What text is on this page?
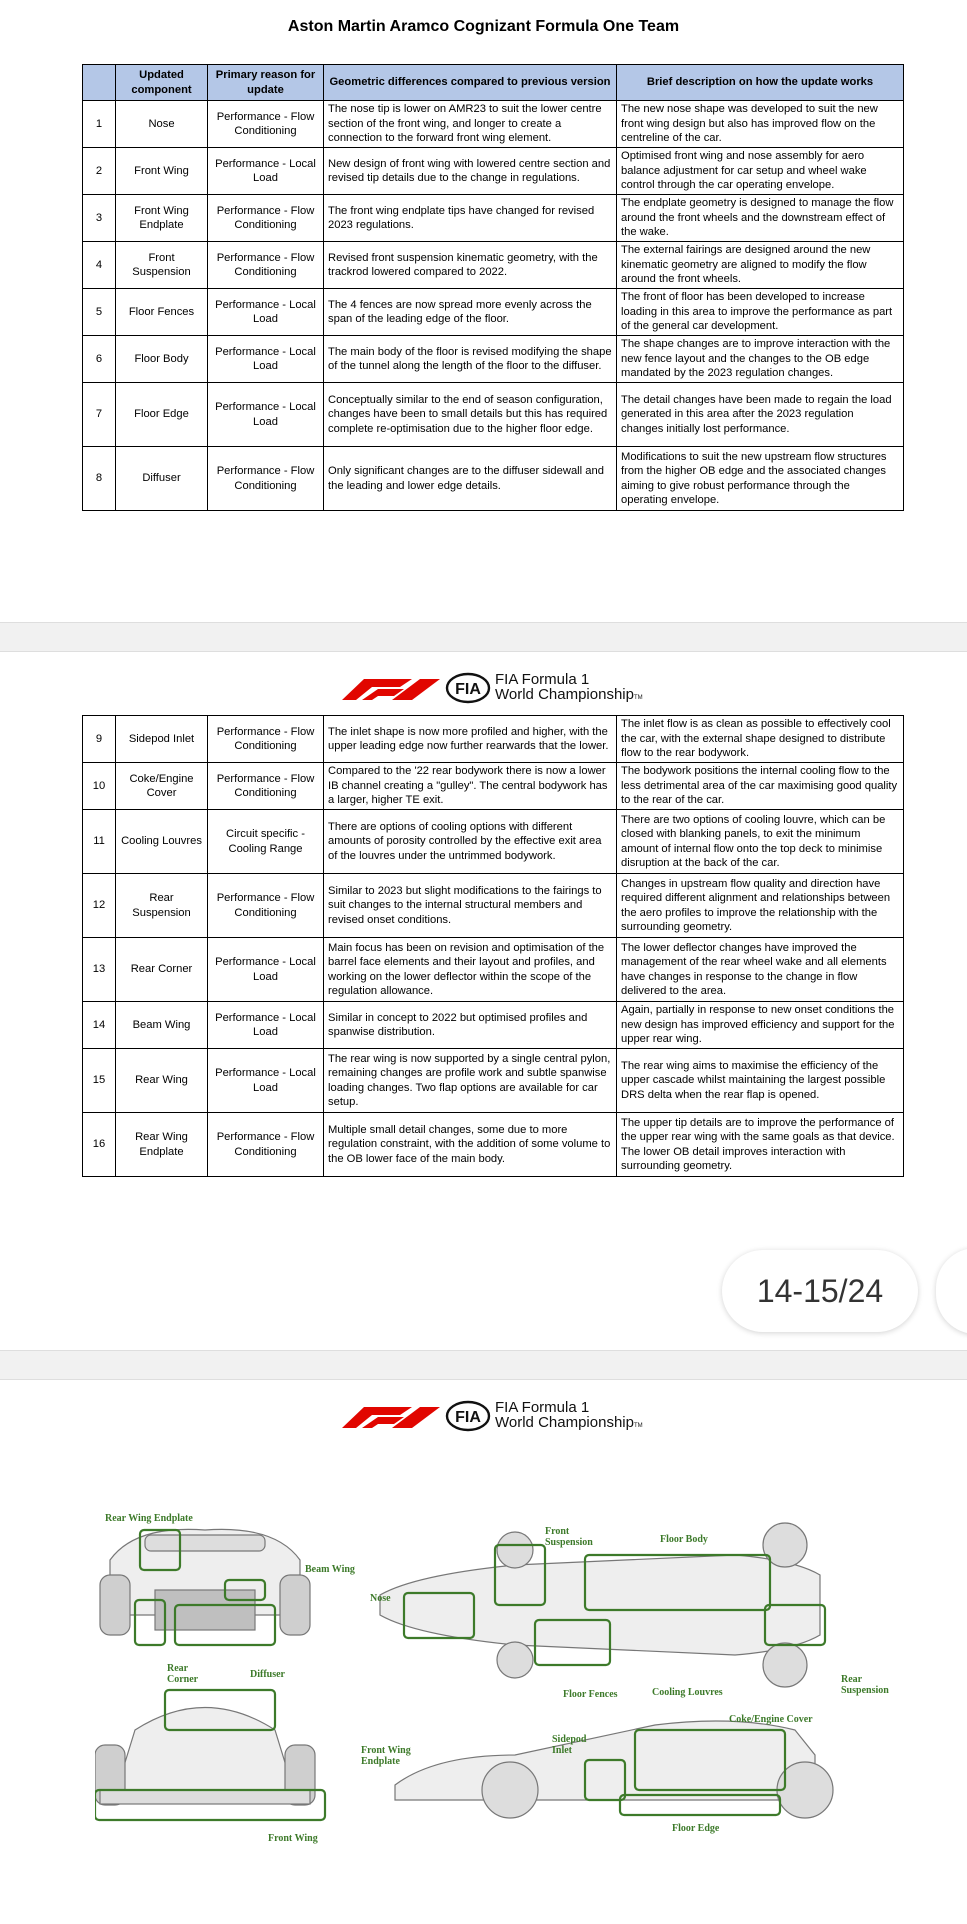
Aston Martin Aramco Cognizant Formula One Team
	Updated component	Primary reason for update	Geometric differences compared to previous version	Brief description on how the update works
1	Nose	Performance - Flow Conditioning	The nose tip is lower on AMR23 to suit the lower centre section of the front wing, and longer to create a connection to the forward front wing element.	The new nose shape was developed to suit the new front wing design but also has improved flow on the centreline of the car.
2	Front Wing	Performance - Local Load	New design of front wing with lowered centre section and revised tip details due to the change in regulations.	Optimised front wing and nose assembly for aero balance adjustment for car setup and wheel wake control through the car operating envelope.
3	Front Wing Endplate	Performance - Flow Conditioning	The front wing endplate tips have changed for revised 2023 regulations.	The endplate geometry is designed to manage the flow around the front wheels and the downstream effect of the wake.
4	Front Suspension	Performance - Flow Conditioning	Revised front suspension kinematic geometry, with the trackrod lowered compared to 2022.	The external fairings are designed around the new kinematic geometry are aligned to modify the flow around the front wheels.
5	Floor Fences	Performance - Local Load	The 4 fences are now spread more evenly across the span of the leading edge of the floor.	The front of floor has been developed to increase loading in this area to improve the performance as part of the general car development.
6	Floor Body	Performance - Local Load	The main body of the floor is revised modifying the shape of the tunnel along the length of the floor to the diffuser.	The shape changes are to improve interaction with the new fence layout and the changes to the OB edge mandated by the 2023 regulation changes.
7	Floor Edge	Performance - Local Load	Conceptually similar to the end of season configuration, changes have been to small details but this has required complete re-optimisation due to the higher floor edge.	The detail changes have been made to regain the load generated in this area after the 2023 regulation changes initially lost performance.
8	Diffuser	Performance - Flow Conditioning	Only significant changes are to the diffuser sidewall and the leading and lower edge details.	Modifications to suit the new upstream flow structures from the higher OB edge and the associated changes aiming to give robust performance through the operating envelope.
FIA
FIA Formula 1
World ChampionshipTM
9	Sidepod Inlet	Performance - Flow Conditioning	The inlet shape is now more profiled and higher, with the upper leading edge now further rearwards that the lower.	The inlet flow is as clean as possible to effectively cool the car, with the external shape designed to distribute flow to the rear bodywork.
10	Coke/Engine Cover	Performance - Flow Conditioning	Compared to the '22 rear bodywork there is now a lower IB channel creating a "gulley". The central bodywork has a larger, higher TE exit.	The bodywork positions the internal cooling flow to the less detrimental area of the car maximising good quality to the rear of the car.
11	Cooling Louvres	Circuit specific - Cooling Range	There are options of cooling options with different amounts of porosity controlled by the effective exit area of the louvres under the untrimmed bodywork.	There are two options of cooling louvre, which can be closed with blanking panels, to exit the minimum amount of internal flow onto the top deck to minimise disruption at the back of the car.
12	Rear Suspension	Performance - Flow Conditioning	Similar to 2023 but slight modifications to the fairings to suit changes to the internal structural members and revised onset conditions.	Changes in upstream flow quality and direction have required different alignment and relationships between the aero profiles to improve the relationship with the surrounding geometry.
13	Rear Corner	Performance - Local Load	Main focus has been on revision and optimisation of the barrel face elements and their layout and profiles, and working on the lower deflector within the scope of the regulation allowance.	The lower deflector changes have improved the management of the rear wheel wake and all elements have changes in response to the change in flow delivered to the area.
14	Beam Wing	Performance - Local Load	Similar in concept to 2022 but optimised profiles and spanwise distribution.	Again, partially in response to new onset conditions the new design has improved efficiency and support for the upper rear wing.
15	Rear Wing	Performance - Local Load	The rear wing is now supported by a single central pylon, remaining changes are profile work and subtle spanwise loading changes. Two flap options are available for car setup.	The rear wing aims to maximise the efficiency of the upper cascade whilst maintaining the largest possible DRS delta when the rear flap is opened.
16	Rear Wing Endplate	Performance - Flow Conditioning	Multiple small detail changes, some due to more regulation constraint, with the addition of some volume to the OB lower face of the main body.	The upper tip details are to improve the performance of the upper rear wing with the same goals as that device. The lower OB detail improves interaction with surrounding geometry.
14-15/24
FIA
FIA Formula 1
World ChampionshipTM
Rear Wing Endplate
Beam Wing
Rear Corner	Diffuser
Front Wing Endplate
Front Wing
Nose
Front Suspension	Floor Body
Floor Fences	Cooling Louvres
Rear Suspension
Coke/Engine Cover
Sidepod Inlet
Floor Edge
